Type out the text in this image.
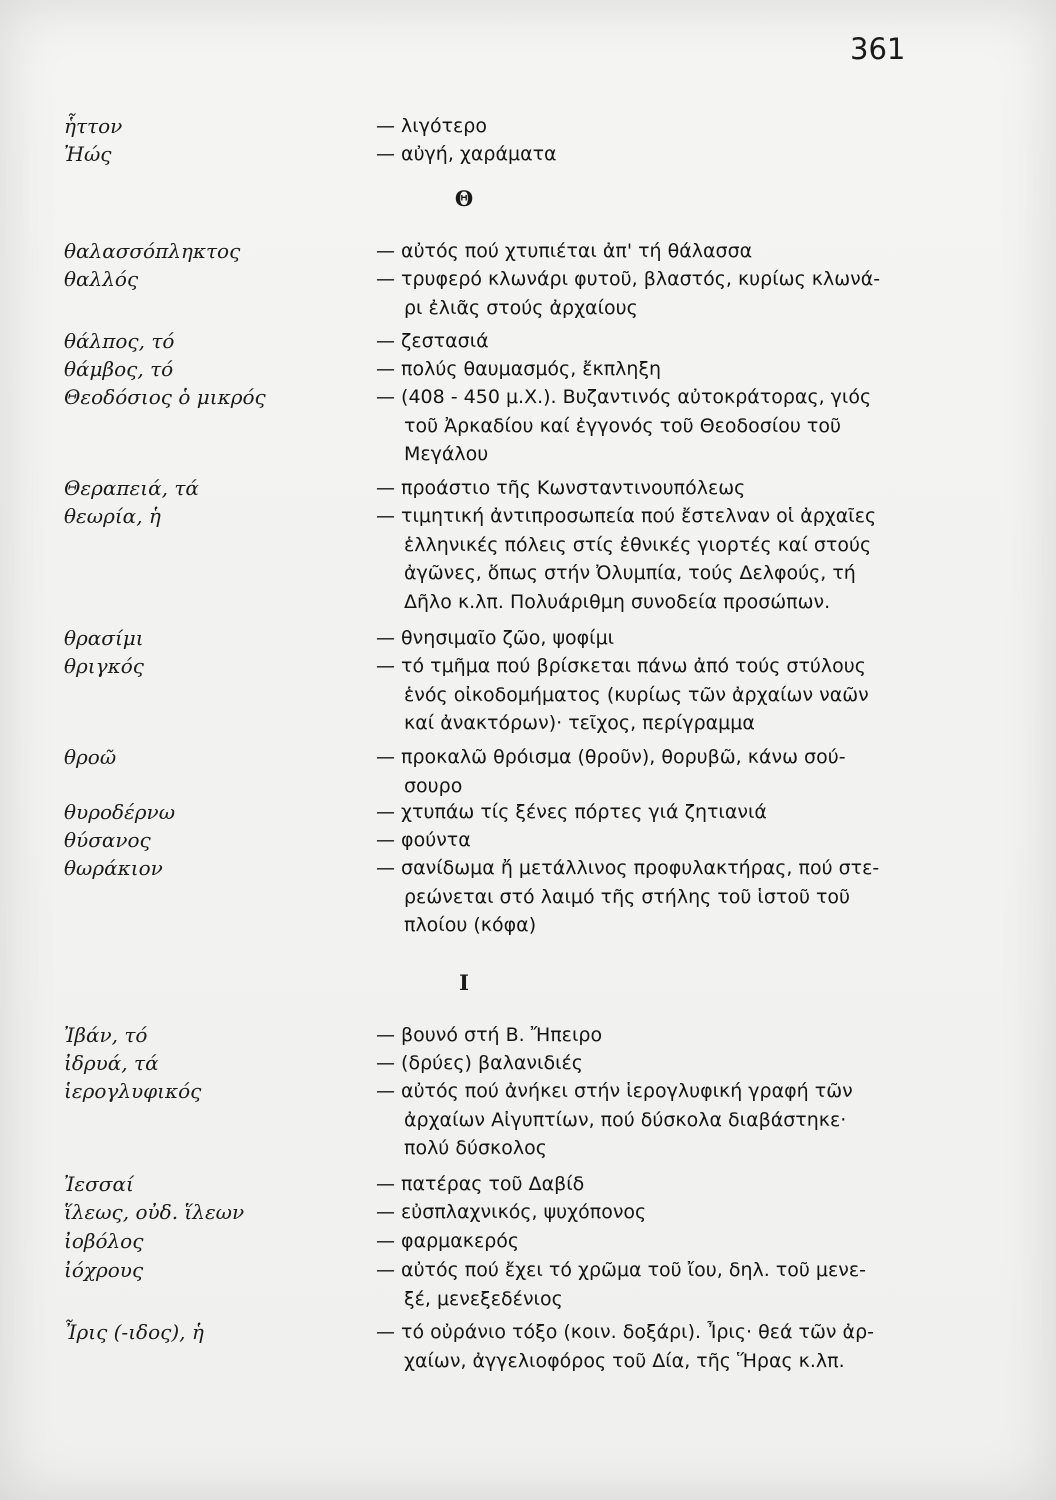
361
Θ
I
ἧττον	— λιγότερο
Ἠώς	— αὐγή, χαράματα
θαλασσόπληκτος	— αὐτός πού χτυπιέται ἀπ' τή θάλασσα
θαλλός	— τρυφερό κλωνάρι φυτοῦ, βλαστός, κυρίως κλωνά-
ρι ἐλιᾶς στούς ἀρχαίους
θάλπος, τό	— ζεστασιά
θάμβος, τό	— πολύς θαυμασμός, ἔκπληξη
Θεοδόσιος ὁ μικρός	— (408 - 450 μ.Χ.). Βυζαντινός αὐτοκράτορας, γιός
τοῦ Ἀρκαδίου καί ἐγγονός τοῦ Θεοδοσίου τοῦ
Μεγάλου
Θεραπειά, τά	— προάστιο τῆς Κωνσταντινουπόλεως
θεωρία, ἡ	— τιμητική ἀντιπροσωπεία πού ἔστελναν οἱ ἀρχαῖες
ἑλληνικές πόλεις στίς ἐθνικές γιορτές καί στούς
ἀγῶνες, ὅπως στήν Ὀλυμπία, τούς Δελφούς, τή
Δῆλο κ.λπ. Πολυάριθμη συνοδεία προσώπων.
θρασίμι	— θνησιμαῖο ζῶο, ψοφίμι
θριγκός	— τό τμῆμα πού βρίσκεται πάνω ἀπό τούς στύλους
ἑνός οἰκοδομήματος (κυρίως τῶν ἀρχαίων ναῶν
καί ἀνακτόρων)· τεῖχος, περίγραμμα
θροῶ	— προκαλῶ θρόισμα (θροῦν), θορυβῶ, κάνω σού-
σουρο
θυροδέρνω	— χτυπάω τίς ξένες πόρτες γιά ζητιανιά
θύσανος	— φούντα
θωράκιον	— σανίδωμα ἤ μετάλλινος προφυλακτήρας, πού στε-
ρεώνεται στό λαιμό τῆς στήλης τοῦ ἱστοῦ τοῦ
πλοίου (κόφα)
Ἰβάν, τό	— βουνό στή Β. Ἤπειρο
ἰδρυά, τά	— (δρύες) βαλανιδιές
ἱερογλυφικός	— αὐτός πού ἀνήκει στήν ἱερογλυφική γραφή τῶν
ἀρχαίων Αἰγυπτίων, πού δύσκολα διαβάστηκε·
πολύ δύσκολος
Ἰεσσαί	— πατέρας τοῦ Δαβίδ
ἵλεως, οὐδ. ἵλεων	— εὐσπλαχνικός, ψυχόπονος
ἰοβόλος	— φαρμακερός
ἰόχρους	— αὐτός πού ἔχει τό χρῶμα τοῦ ἴου, δηλ. τοῦ μενε-
ξέ, μενεξεδένιος
Ἶρις (-ιδος), ἡ	— τό οὐράνιο τόξο (κοιν. δοξάρι). Ἶρις· θεά τῶν ἀρ-
χαίων, ἀγγελιοφόρος τοῦ Δία, τῆς Ἥρας κ.λπ.
